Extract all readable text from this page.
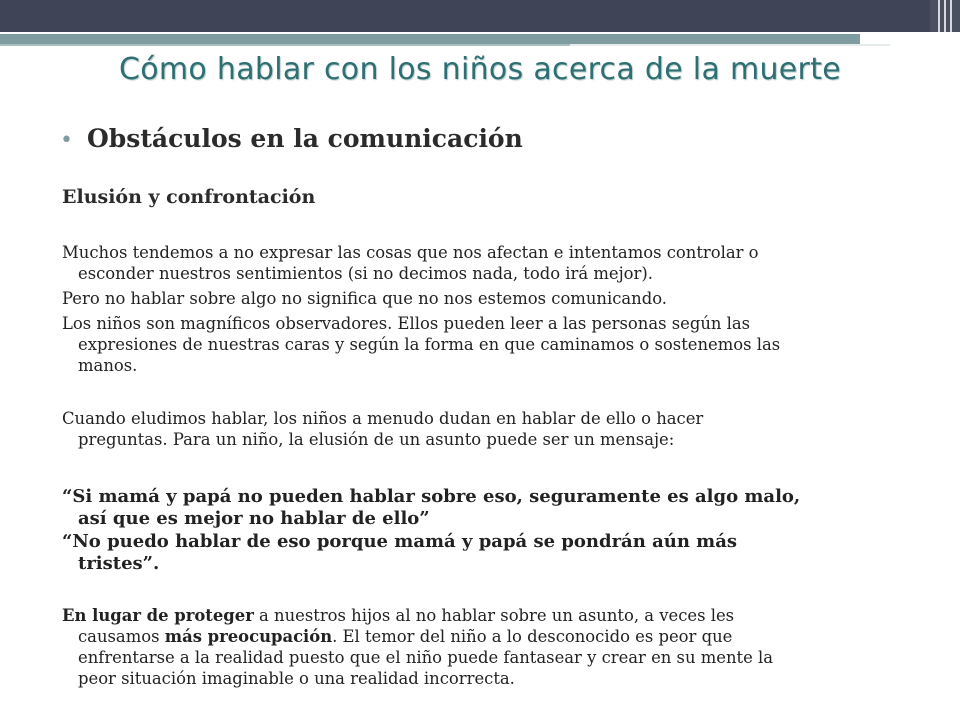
Cómo hablar con los niños acerca de la muerte
• Obstáculos en la comunicación
Elusión y confrontación
Muchos tendemos a no expresar las cosas que nos afectan e intentamos controlar o
esconder nuestros sentimientos (si no decimos nada, todo irá mejor).
Pero no hablar sobre algo no significa que no nos estemos comunicando.
Los niños son magníficos observadores. Ellos pueden leer a las personas según las
expresiones de nuestras caras y según la forma en que caminamos o sostenemos las
manos.
Cuando eludimos hablar, los niños a menudo dudan en hablar de ello o hacer
preguntas. Para un niño, la elusión de un asunto puede ser un mensaje:
“Si mamá y papá no pueden hablar sobre eso, seguramente es algo malo,
así que es mejor no hablar de ello”
“No puedo hablar de eso porque mamá y papá se pondrán aún más
tristes”.
En lugar de proteger a nuestros hijos al no hablar sobre un asunto, a veces les
causamos más preocupación. El temor del niño a lo desconocido es peor que
enfrentarse a la realidad puesto que el niño puede fantasear y crear en su mente la
peor situación imaginable o una realidad incorrecta.
